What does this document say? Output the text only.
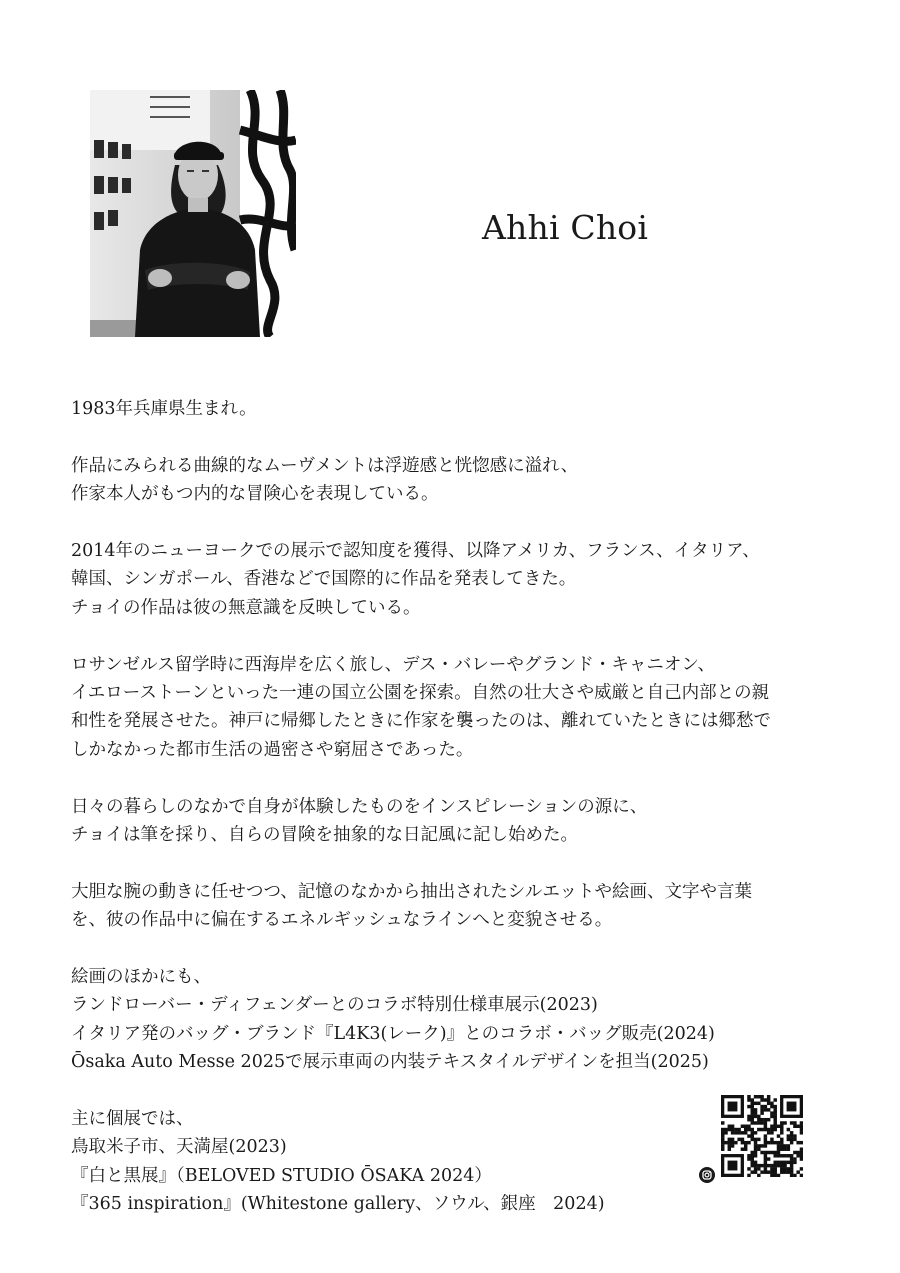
Ahhi Choi

1983年兵庫県生まれ。

作品にみられる曲線的なムーヴメントは浮遊感と恍惚感に溢れ、

作家本人がもつ内的な冒険心を表現している。

2014年のニューヨークでの展示で認知度を獲得、以降アメリカ、フランス、イタリア、

韓国、シンガポール、香港などで国際的に作品を発表してきた。

チョイの作品は彼の無意識を反映している。

ロサンゼルス留学時に西海岸を広く旅し、デス・バレーやグランド・キャニオン、

イエローストーンといった一連の国立公園を探索。自然の壮大さや威厳と自己内部との親

和性を発展させた。神戸に帰郷したときに作家を襲ったのは、離れていたときには郷愁で

しかなかった都市生活の過密さや窮屈さであった。

日々の暮らしのなかで自身が体験したものをインスピレーションの源に、

チョイは筆を採り、自らの冒険を抽象的な日記風に記し始めた。

大胆な腕の動きに任せつつ、記憶のなかから抽出されたシルエットや絵画、文字や言葉

を、彼の作品中に偏在するエネルギッシュなラインへと変貌させる。

絵画のほかにも、

ランドローバー・ディフェンダーとのコラボ特別仕様車展示(2023)

イタリア発のバッグ・ブランド『L4K3(レーク)』とのコラボ・バッグ販売(2024)

Ōsaka Auto Messe 2025で展示車両の内装テキスタイルデザインを担当(2025)

主に個展では、

鳥取米子市、天満屋(2023)

『白と黒展』（BELOVED STUDIO ŌSAKA 2024）

『365 inspiration』(Whitestone gallery、ソウル、銀座　2024)
